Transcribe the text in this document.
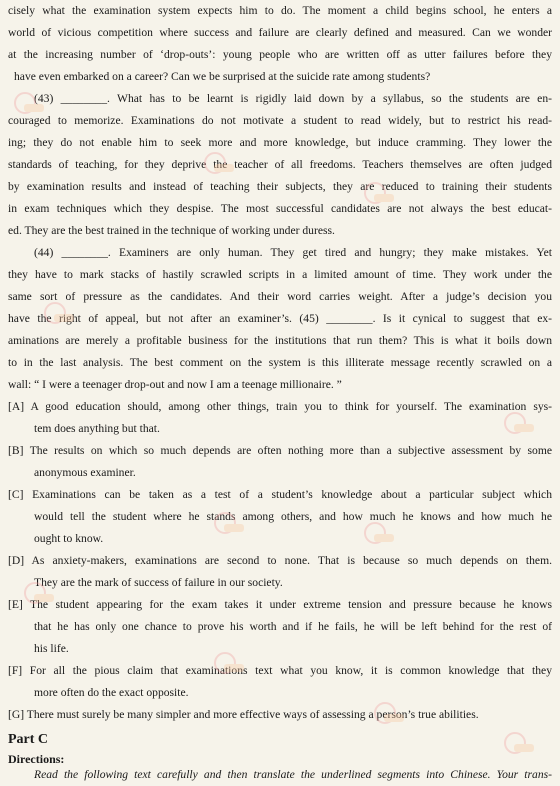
cisely what the examination system expects him to do. The moment a child begins school, he enters a
world of vicious competition where success and failure are clearly defined and measured. Can we wonder
at the increasing number of ‘drop-outs’: young people who are written off as utter failures before they
have even embarked on a career? Can we be surprised at the suicide rate among students?
(43) ________. What has to be learnt is rigidly laid down by a syllabus, so the students are en-
couraged to memorize. Examinations do not motivate a student to read widely, but to restrict his read-
ing; they do not enable him to seek more and more knowledge, but induce cramming. They lower the
standards of teaching, for they deprive the teacher of all freedoms. Teachers themselves are often judged
by examination results and instead of teaching their subjects, they are reduced to training their students
in exam techniques which they despise. The most successful candidates are not always the best educat-
ed. They are the best trained in the technique of working under duress.
(44) ________. Examiners are only human. They get tired and hungry; they make mistakes. Yet
they have to mark stacks of hastily scrawled scripts in a limited amount of time. They work under the
same sort of pressure as the candidates. And their word carries weight. After a judge’s decision you
have the right of appeal, but not after an examiner’s. (45) ________. Is it cynical to suggest that ex-
aminations are merely a profitable business for the institutions that run them? This is what it boils down
to in the last analysis. The best comment on the system is this illiterate message recently scrawled on a
wall: “ I were a teenager drop-out and now I am a teenage millionaire. ”
[A] A good education should, among other things, train you to think for yourself. The examination sys-
tem does anything but that.
[B] The results on which so much depends are often nothing more than a subjective assessment by some
anonymous examiner.
[C] Examinations can be taken as a test of a student’s knowledge about a particular subject which
would tell the student where he stands among others, and how much he knows and how much he
ought to know.
[D] As anxiety-makers, examinations are second to none. That is because so much depends on them.
They are the mark of success of failure in our society.
[E] The student appearing for the exam takes it under extreme tension and pressure because he knows
that he has only one chance to prove his worth and if he fails, he will be left behind for the rest of
his life.
[F] For all the pious claim that examinations text what you know, it is common knowledge that they
more often do the exact opposite.
[G] There must surely be many simpler and more effective ways of assessing a person’s true abilities.
Part C
Directions:
Read the following text carefully and then translate the underlined segments into Chinese. Your trans-
